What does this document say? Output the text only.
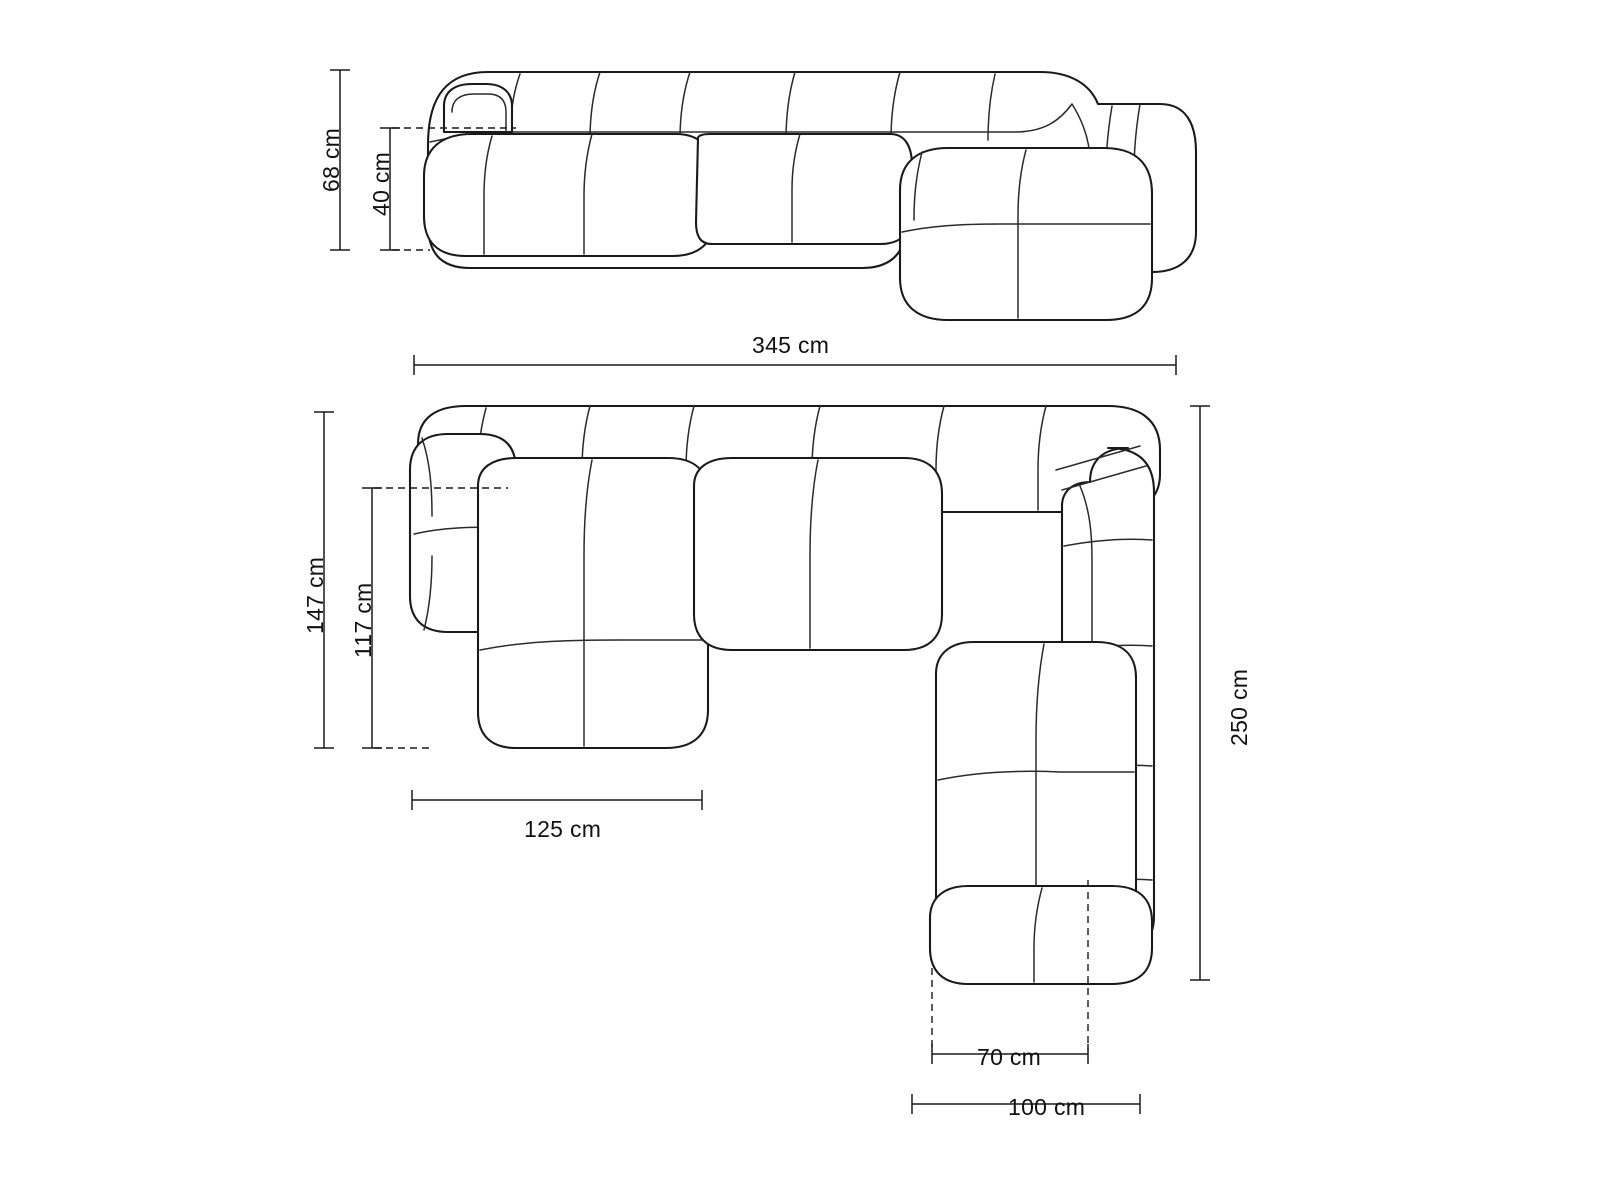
68 cm 40 cm
345 cm
147 cm 117 cm
250 cm
125 cm
70 cm
100 cm
